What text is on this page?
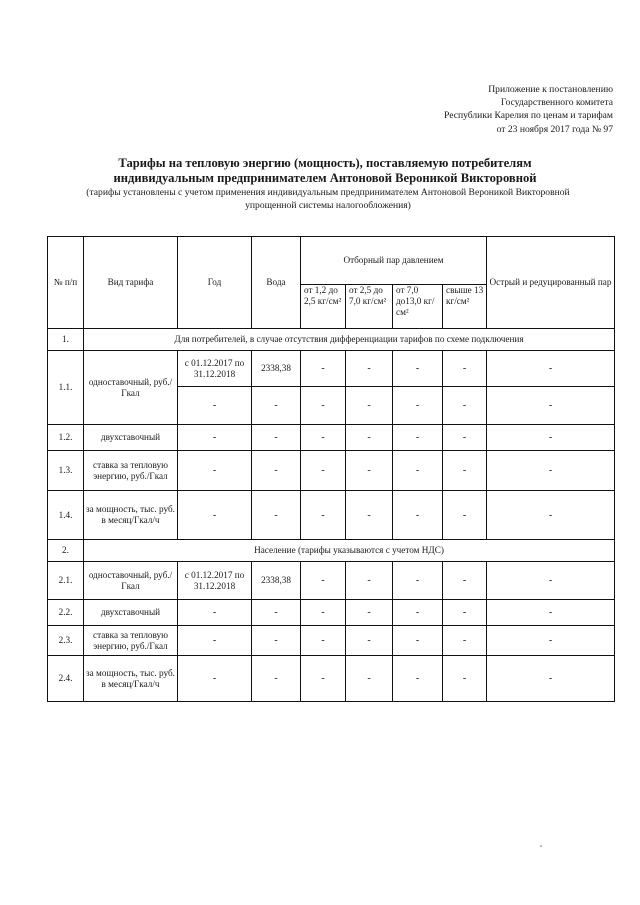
Приложение к постановлению
Государственного комитета
Республики Карелия по ценам и тарифам
от 23 ноября 2017 года № 97
Тарифы на тепловую энергию (мощность), поставляемую потребителям
индивидуальным предпринимателем Антоновой Вероникой Викторовной
(тарифы установлены с учетом применения индивидуальным предпринимателем Антоновой Вероникой Викторовной
упрощенной системы налогообложения)
№ п/п	Вид тарифа	Год	Вода	Отборный пар давлением				Острый и редуцированный пар
				от 1,2 до 2,5 кг/см²	от 2,5 до 7,0 кг/см²	от 7,0 до13,0 кг/см²	свыше 13 кг/см²	
1.	Для потребителей, в случае отсутствия дифференциации тарифов по схеме подключения							
1.1.	одноставочный, руб./Гкал	с 01.12.2017 по 31.12.2018	2338,38	-	-	-	-	-
		-	-	-	-	-	-	-
1.2.	двухставочный	-	-	-	-	-	-	-
1.3.	ставка за тепловую энергию, руб./Гкал	-	-	-	-	-	-	-
1.4.	за мощность, тыс. руб. в месяц/Гкал/ч	-	-	-	-	-	-	-
2.	Население (тарифы указываются с учетом НДС)							
2.1.	одноставочный, руб./Гкал	с 01.12.2017 по 31.12.2018	2338,38	-	-	-	-	-
2.2.	двухставочный	-	-	-	-	-	-	-
2.3.	ставка за тепловую энергию, руб./Гкал	-	-	-	-	-	-	-
2.4.	за мощность, тыс. руб. в месяц/Гкал/ч	-	-	-	-	-	-	-
